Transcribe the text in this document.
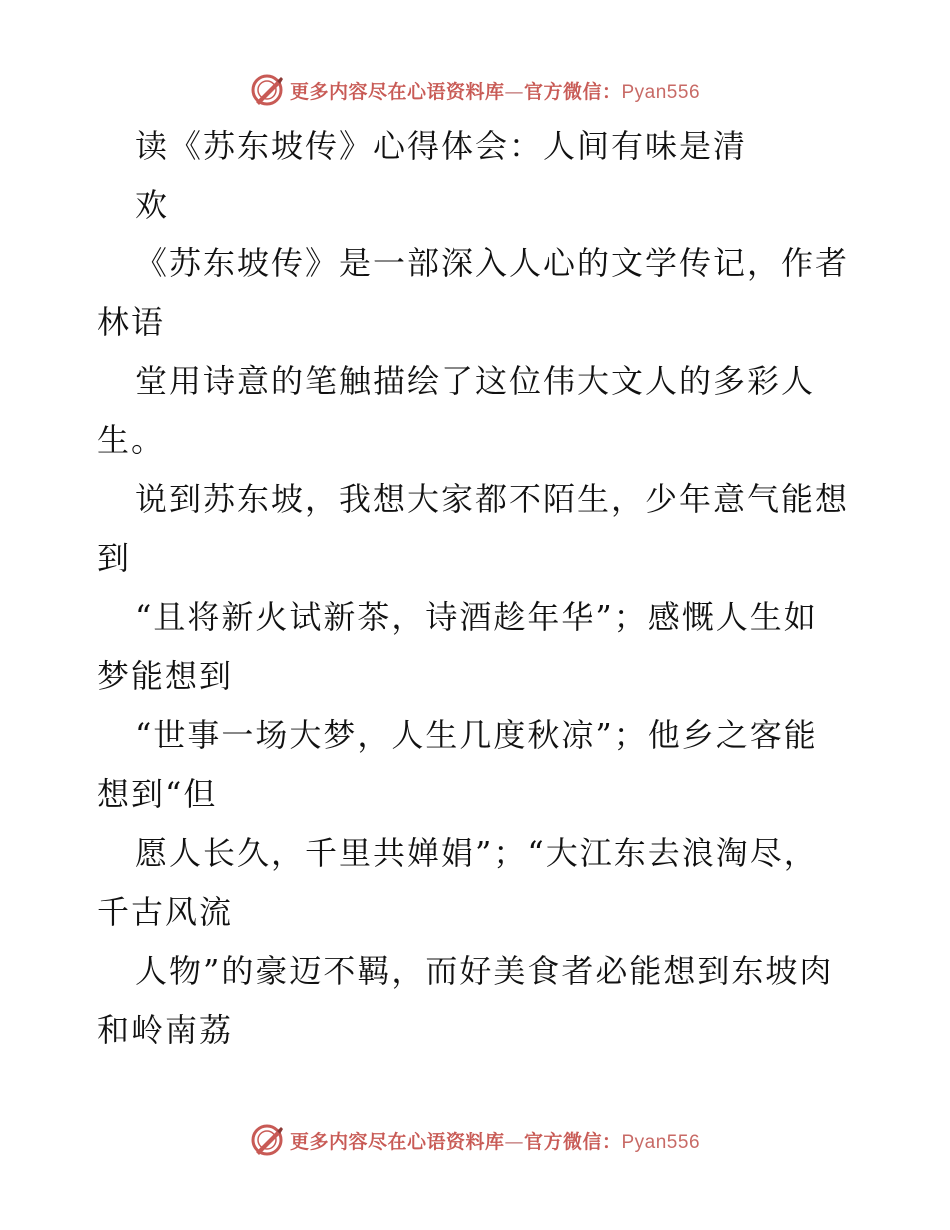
更多内容尽在心语资料库—官方微信：Pyan556
读《苏东坡传》心得体会：人间有味是清
欢
《苏东坡传》是一部深入人心的文学传记，作者
林语
堂用诗意的笔触描绘了这位伟大文人的多彩人
生。
说到苏东坡，我想大家都不陌生，少年意气能想
到
“且将新火试新茶，诗酒趁年华”；感慨人生如
梦能想到
“世事一场大梦，人生几度秋凉”；他乡之客能
想到“但
愿人长久，千里共婵娟”；“大江东去浪淘尽，
千古风流
人物”的豪迈不羁，而好美食者必能想到东坡肉
和岭南荔
更多内容尽在心语资料库—官方微信：Pyan556
